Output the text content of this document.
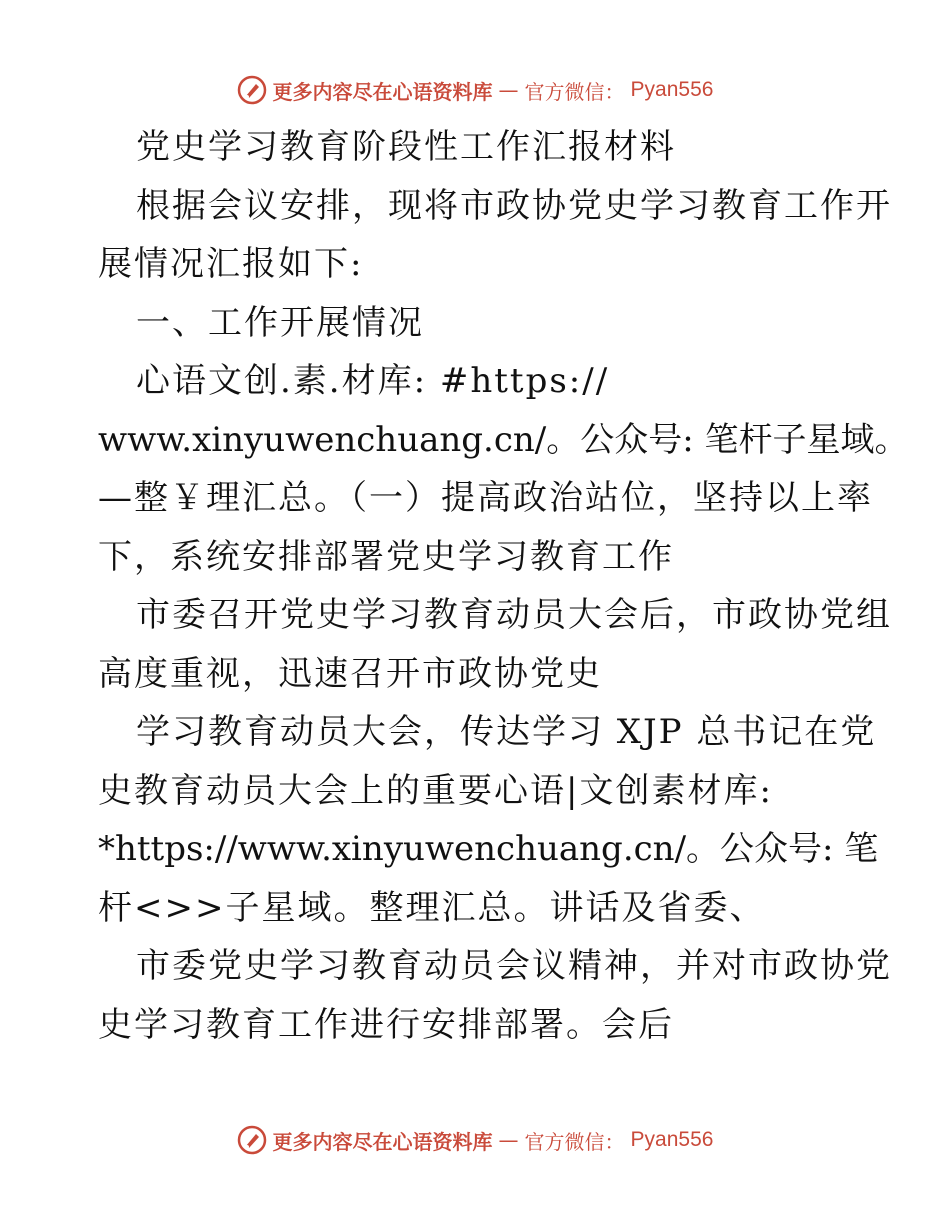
更多内容尽在心语资料库 — 官方微信： Pyan556
党史学习教育阶段性工作汇报材料
根据会议安排，现将市政协党史学习教育工作开
展情况汇报如下:
一、工作开展情况
心语文创.素.材库: #https://
www.xinyuwenchuang.cn/。公众号: 笔杆子星域。
—整￥理汇总。（一）提高政治站位，坚持以上率
下，系统安排部署党史学习教育工作
市委召开党史学习教育动员大会后，市政协党组
高度重视，迅速召开市政协党史
学习教育动员大会，传达学习 XJP 总书记在党
史教育动员大会上的重要心语|文创素材库:
*https://www.xinyuwenchuang.cn/。公众号: 笔
杆<>>子星域。整理汇总。讲话及省委、
市委党史学习教育动员会议精神，并对市政协党
史学习教育工作进行安排部署。会后
更多内容尽在心语资料库 — 官方微信： Pyan556
